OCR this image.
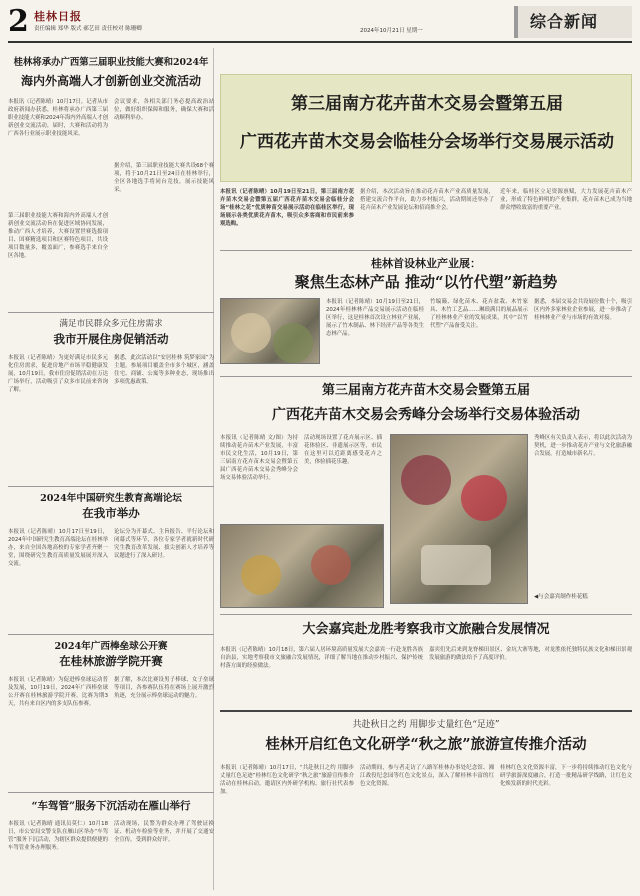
2 桂林日报
责任编辑 郑华 版式 郝艺田 责任校对 陈珊卿	2024年10月21日 星期一	综合新闻
桂林将承办广西第三届职业技能大赛和2024年
海内外高端人才创新创业交流活动

本报讯（记者陈晴）10月17日，记者从市政府新闻办获悉，桂林将承办广西第三届职业技能大赛和2024年海内外高端人才创新创业交流活动，届时，大赛和活动将为广西各行业展示职业技能风采。

第三届职业技能大赛和海内外高端人才创新创业交流活动旨在促进区域协同发展，推动广西人才培养，大赛设置世赛选拔项目、国赛精选项目和区赛特色项目，共设项目数量多，覆盖面广，参赛选手来自全区各地。

会议要求，各相关部门务必提高政治站位，做好组织保障和服务，确保大赛和活动顺利举办。

据介绍，第三届职业技能大赛共设68个赛项，将于10月21日至24日在桂林举行，全区各地选手将同台竞技，展示技能风采。

满足市民群众多元住房需求
我市开展住房促销活动

本报讯（记者陈晴）为更好满足市民多元化住房需求，促进房地产市场平稳健康发展，10月19日，我市住房促销活动在万达广场举行，活动吸引了众多市民前来咨询了解。

据悉，此次活动以“安居桂林 筑梦家园”为主题，参展项目覆盖全市多个城区，涵盖住宅、商铺、公寓等多种业态，现场推出多项优惠政策。

2024年中国研究生教育高端论坛
在我市举办

本报讯（记者陈晴）10月17日至19日，2024年中国研究生教育高端论坛在桂林举办，来自全国各地高校的专家学者齐聚一堂，围绕研究生教育高质量发展展开深入交流。

论坛分为开幕式、主旨报告、平行论坛和闭幕式等环节，各位专家学者就新时代研究生教育改革发展、拔尖创新人才培养等议题进行了深入研讨。

2024年广西棒垒球公开赛
在桂林旅游学院开赛

本报讯（记者陈晴）为促进棒垒球运动普及发展，10月19日，2024年广西棒垒球公开赛在桂林旅游学院开赛，比赛为期3天，共有来自区内的多支队伍参赛。

据了解，本次比赛设男子棒球、女子垒球等项目，各参赛队伍将在赛场上展开激烈角逐，充分展示棒垒球运动的魅力。

“车驾管”服务下沉活动在雁山举行

本报讯（记者陈晴 通讯员莫仁）10月18日，市公安局交警支队在雁山区举办“车驾管”服务下沉活动，为辖区群众提供便捷的车驾管业务办理服务。

活动现场，民警为群众办理了驾驶证换证、机动车检验等业务，并开展了交通安全宣传，受到群众好评。

第三届南方花卉苗木交易会暨第五届
广西花卉苗木交易会临桂分会场举行交易展示活动

本报讯（记者陈晴）10月19日至21日，第三届南方花卉苗木交易会暨第五届广西花卉苗木交易会临桂分会场“桂林之花”优质种苗交易展示活动在临桂区举行，现场展示各类优质花卉苗木，吸引众多客商和市民前来参观选购。

据介绍，本次活动旨在推动花卉苗木产业高质量发展，搭建交流合作平台，助力乡村振兴，活动期间还举办了花卉苗木产业发展论坛和招商推介会。

近年来，临桂区立足资源禀赋，大力发展花卉苗木产业，形成了特色鲜明的产业集群，花卉苗木已成为当地群众增收致富的重要产业。

桂林首设林业产业展：
聚焦生态林产品 推动“以竹代塑”新趋势

本报讯（记者陈晴）10月19日至21日，2024年桂林林产品交易展示活动在临桂区举行，这是桂林首次设立林业产业展，展示了竹木制品、林下经济产品等各类生态林产品。

竹编簸、绿化苗木、花卉盆栽、木竹家具、木竹工艺品……琳琅满目的展品展示了桂林林业产业的发展成果，其中“以竹代塑”产品备受关注。

据悉，本届交易会共设展位数十个，吸引区内外多家林业企业参展，进一步推动了桂林林业产业与市场的有效对接。

第三届南方花卉苗木交易会暨第五届
广西花卉苗木交易会秀峰分会场举行交易体验活动

本报讯（记者陈晴 文/图）为持续推动花卉苗木产业发展，丰富市民文化生活，10月19日，第三届南方花卉苗木交易会暨第五届广西花卉苗木交易会秀峰分会场交易体验活动举行。

活动现场设置了花卉展示区、插花体验区、非遗展示区等，市民在这里可以近距离感受花卉之美，体验插花乐趣。

秀峰区有关负责人表示，将以此次活动为契机，进一步推动花卉产业与文化旅游融合发展，打造城市新名片。

◀与会嘉宾制作桂花糕
大会嘉宾赴龙胜考察我市文旅融合发展情况

本报讯（记者陈晴）10月18日，第六届人居环境高质量发展大会嘉宾一行赴龙胜各族自治县，实地考察我市文旅融合发展情况，详细了解当地在推动乡村振兴、保护传统村落方面的经验做法。

嘉宾们先后来到龙脊梯田景区、金坑大寨等地，对龙胜依托独特民族文化和梯田景观发展旅游的做法给予了高度评价。

共赴秋日之约 用脚步丈量红色“足迹”
桂林开启红色文化研学“秋之旅”旅游宣传推介活动

本报讯（记者陈晴）10月17日，“共赴秋日之约 用脚步丈量红色足迹”桂林红色文化研学“秋之旅”旅游宣传推介活动在桂林启动，邀请区内外研学机构、旅行社代表参加。

活动期间，参与者走访了八路军桂林办事处纪念馆、湘江战役纪念园等红色文化景点，深入了解桂林丰富的红色文化资源。

桂林红色文化资源丰富，下一步将持续推动红色文化与研学旅游深度融合，打造一批精品研学线路，让红色文化焕发新的时代光彩。
